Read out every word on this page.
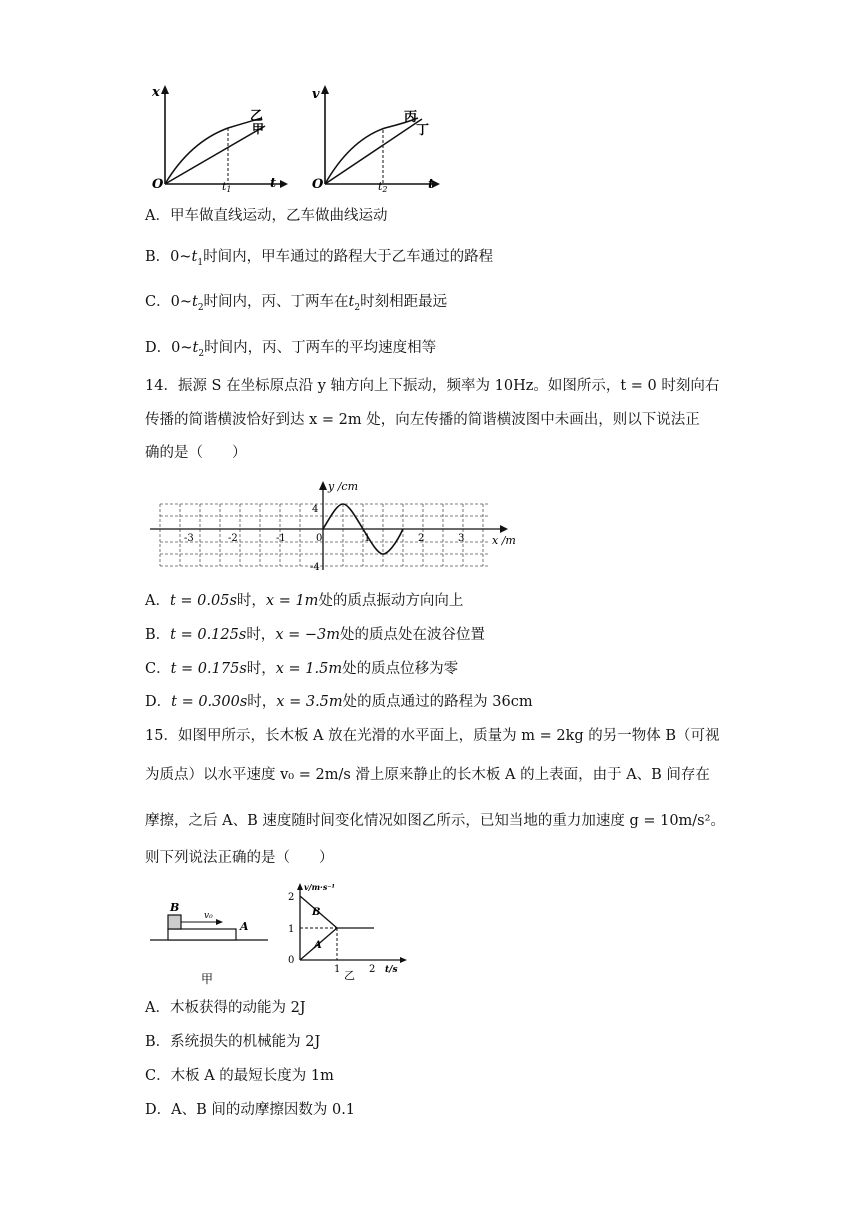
x
t
O	t1
乙
甲
v
t
O	t2
丙
丁
A．甲车做直线运动，乙车做曲线运动
B．$0\sim t_1$时间内，甲车通过的路程大于乙车通过的路程
C．$0\sim t_2$时间内，丙、丁两车在$t_2$时刻相距最远
D．$0\sim t_2$时间内，丙、丁两车的平均速度相等
14．振源 S 在坐标原点沿 y 轴方向上下振动，频率为 10Hz。如图所示，t = 0 时刻向右
传播的简谐横波恰好到达 x = 2m 处，向左传播的简谐横波图中未画出，则以下说法正
确的是（　　）
y /cm
x /m
4
-4
-3	-2	-1	0	1	2	3
A．t = 0.05s时，x = 1m处的质点振动方向向上
B．t = 0.125s时，x = −3m处的质点处在波谷位置
C．t = 0.175s时，x = 1.5m处的质点位移为零
D．t = 0.300s时，x = 3.5m处的质点通过的路程为 36cm
15．如图甲所示，长木板 A 放在光滑的水平面上，质量为 m = 2kg 的另一物体 B（可视
为质点）以水平速度 v₀ = 2m/s 滑上原来静止的长木板 A 的上表面，由于 A、B 间存在
摩擦，之后 A、B 速度随时间变化情况如图乙所示，已知当地的重力加速度 g = 10m/s²。
则下列说法正确的是（　　）
B
v₀
A
甲
v/m·s⁻¹
2
1
0
1	2 t/s
B
A
乙
A．木板获得的动能为 2J
B．系统损失的机械能为 2J
C．木板 A 的最短长度为 1m
D．A、B 间的动摩擦因数为 0.1
